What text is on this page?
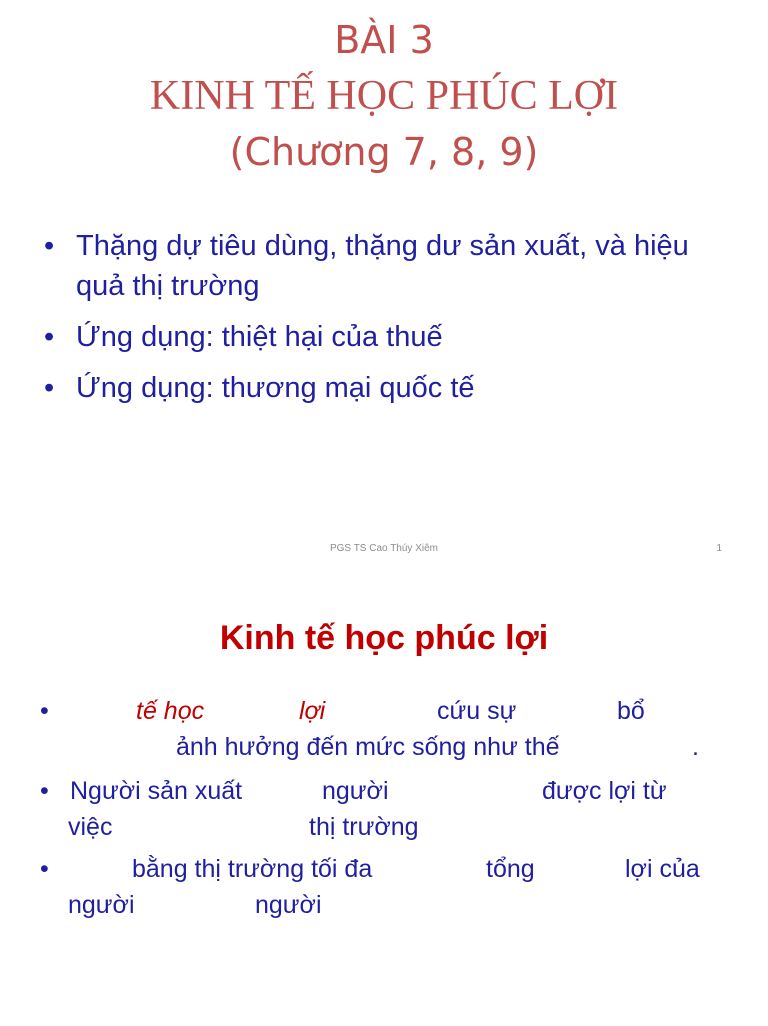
BÀI 3
KINH TẾ HỌC PHÚC LỢI
(Chương 7, 8, 9)
• Thặng dự tiêu dùng, thặng dư sản xuất, và hiệu quả thị trường
• Ứng dụng: thiệt hại của thuế
• Ứng dụng: thương mại quốc tế
PGS TS Cao Thúy Xiêm	1
Kinh tế học phúc lợi
•	tế học	lợi	cứu sự	bổ
ảnh hưởng đến mức sống như thế	.
• Người sản xuất	người	được lợi từ
việc	thị trường
•	bằng thị trường tối đa	tổng	lợi của
người	người
